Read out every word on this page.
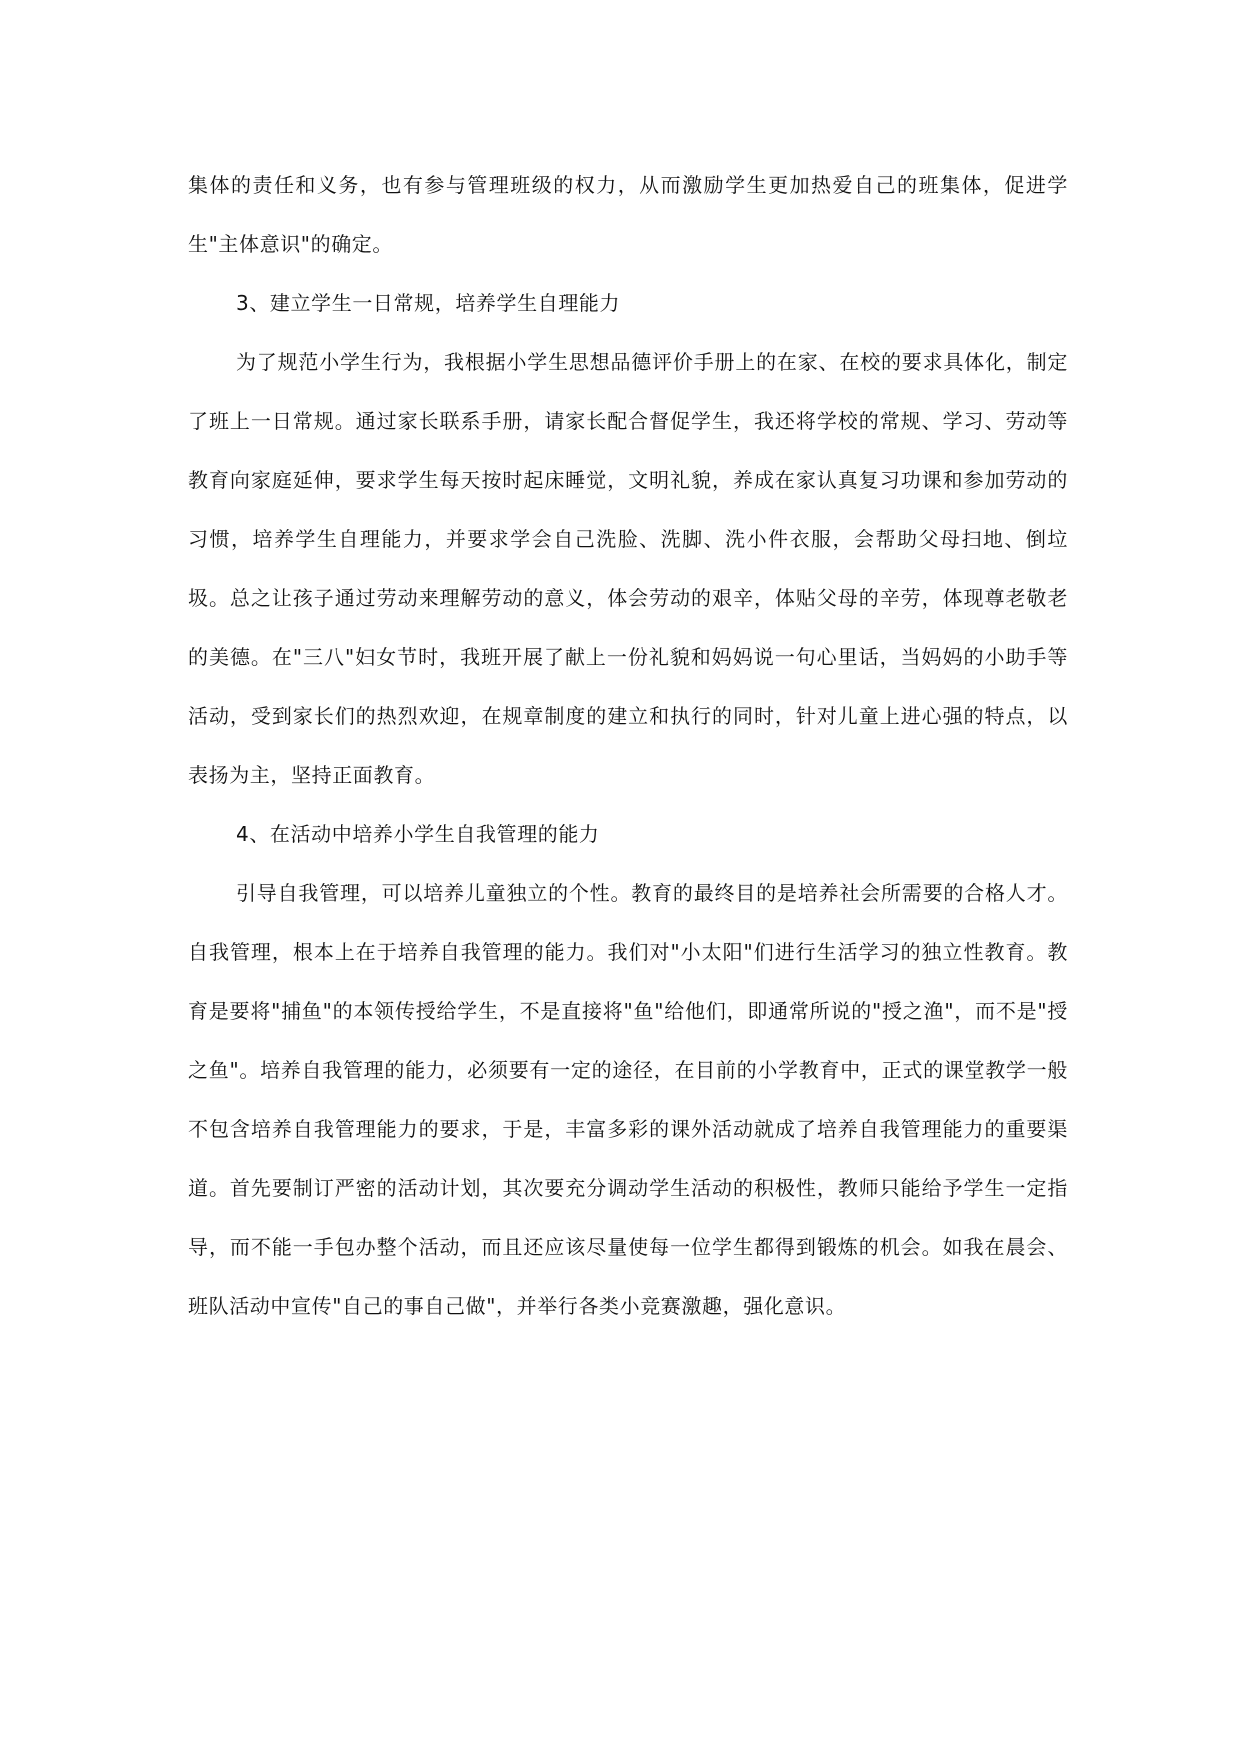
集体的责任和义务，也有参与管理班级的权力，从而激励学生更加热爱自己的班集体，促进学生"主体意识"的确定。

3、建立学生一日常规，培养学生自理能力

为了规范小学生行为，我根据小学生思想品德评价手册上的在家、在校的要求具体化，制定了班上一日常规。通过家长联系手册，请家长配合督促学生，我还将学校的常规、学习、劳动等教育向家庭延伸，要求学生每天按时起床睡觉，文明礼貌，养成在家认真复习功课和参加劳动的习惯，培养学生自理能力，并要求学会自己洗脸、洗脚、洗小件衣服，会帮助父母扫地、倒垃圾。总之让孩子通过劳动来理解劳动的意义，体会劳动的艰辛，体贴父母的辛劳，体现尊老敬老的美德。在"三八"妇女节时，我班开展了献上一份礼貌和妈妈说一句心里话，当妈妈的小助手等活动，受到家长们的热烈欢迎，在规章制度的建立和执行的同时，针对儿童上进心强的特点，以表扬为主，坚持正面教育。

4、在活动中培养小学生自我管理的能力

引导自我管理，可以培养儿童独立的个性。教育的最终目的是培养社会所需要的合格人才。自我管理，根本上在于培养自我管理的能力。我们对"小太阳"们进行生活学习的独立性教育。教育是要将"捕鱼"的本领传授给学生，不是直接将"鱼"给他们，即通常所说的"授之渔"，而不是"授之鱼"。培养自我管理的能力，必须要有一定的途径，在目前的小学教育中，正式的课堂教学一般不包含培养自我管理能力的要求，于是，丰富多彩的课外活动就成了培养自我管理能力的重要渠道。首先要制订严密的活动计划，其次要充分调动学生活动的积极性，教师只能给予学生一定指导，而不能一手包办整个活动，而且还应该尽量使每一位学生都得到锻炼的机会。如我在晨会、班队活动中宣传"自己的事自己做"，并举行各类小竞赛激趣，强化意识。
